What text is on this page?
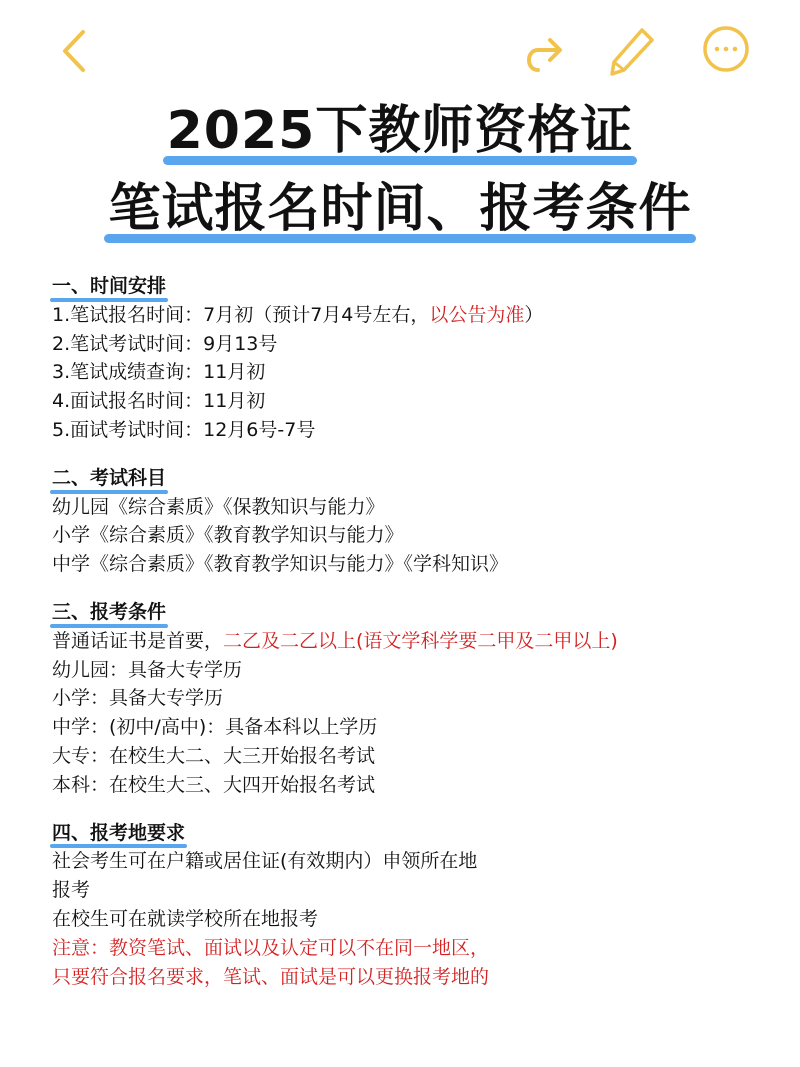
2025下教师资格证
笔试报名时间、报考条件
一、时间安排
1.笔试报名时间：7月初（预计7月4号左右，以公告为准）
2.笔试考试时间：9月13号
3.笔试成绩查询：11月初
4.面试报名时间：11月初
5.面试考试时间：12月6号-7号
二、考试科目
幼儿园《综合素质》《保教知识与能力》
小学《综合素质》《教育教学知识与能力》
中学《综合素质》《教育教学知识与能力》《学科知识》
三、报考条件
普通话证书是首要，二乙及二乙以上(语文学科学要二甲及二甲以上)
幼儿园：具备大专学历
小学：具备大专学历
中学：(初中/高中)：具备本科以上学历
大专：在校生大二、大三开始报名考试
本科：在校生大三、大四开始报名考试
四、报考地要求
社会考生可在户籍或居住证(有效期内）申领所在地
报考
在校生可在就读学校所在地报考
注意：教资笔试、面试以及认定可以不在同一地区，
只要符合报名要求，笔试、面试是可以更换报考地的
